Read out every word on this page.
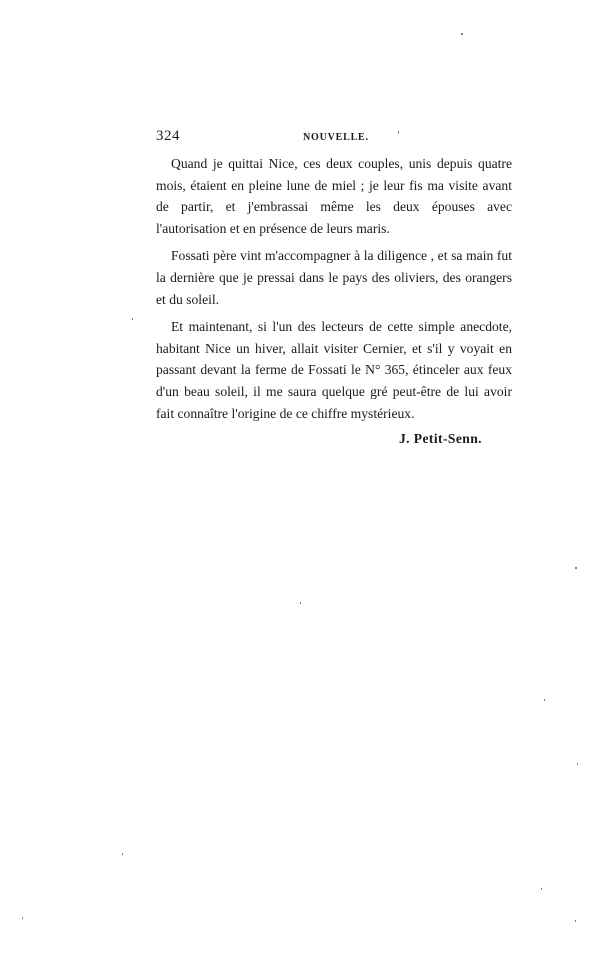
324	NOUVELLE.

Quand je quittai Nice, ces deux couples, unis depuis quatre mois, étaient en pleine lune de miel ; je leur fis ma visite avant de partir, et j'embrassai même les deux épouses avec l'autorisation et en présence de leurs maris.

Fossati père vint m'accompagner à la diligence , et sa main fut la dernière que je pressai dans le pays des oliviers, des orangers et du soleil.

Et maintenant, si l'un des lecteurs de cette simple anecdote, habitant Nice un hiver, allait visiter Cernier, et s'il y voyait en passant devant la ferme de Fossati le N° 365, étinceler aux feux d'un beau soleil, il me saura quelque gré peut-être de lui avoir fait connaître l'origine de ce chiffre mystérieux.

J. Petit-Senn.
